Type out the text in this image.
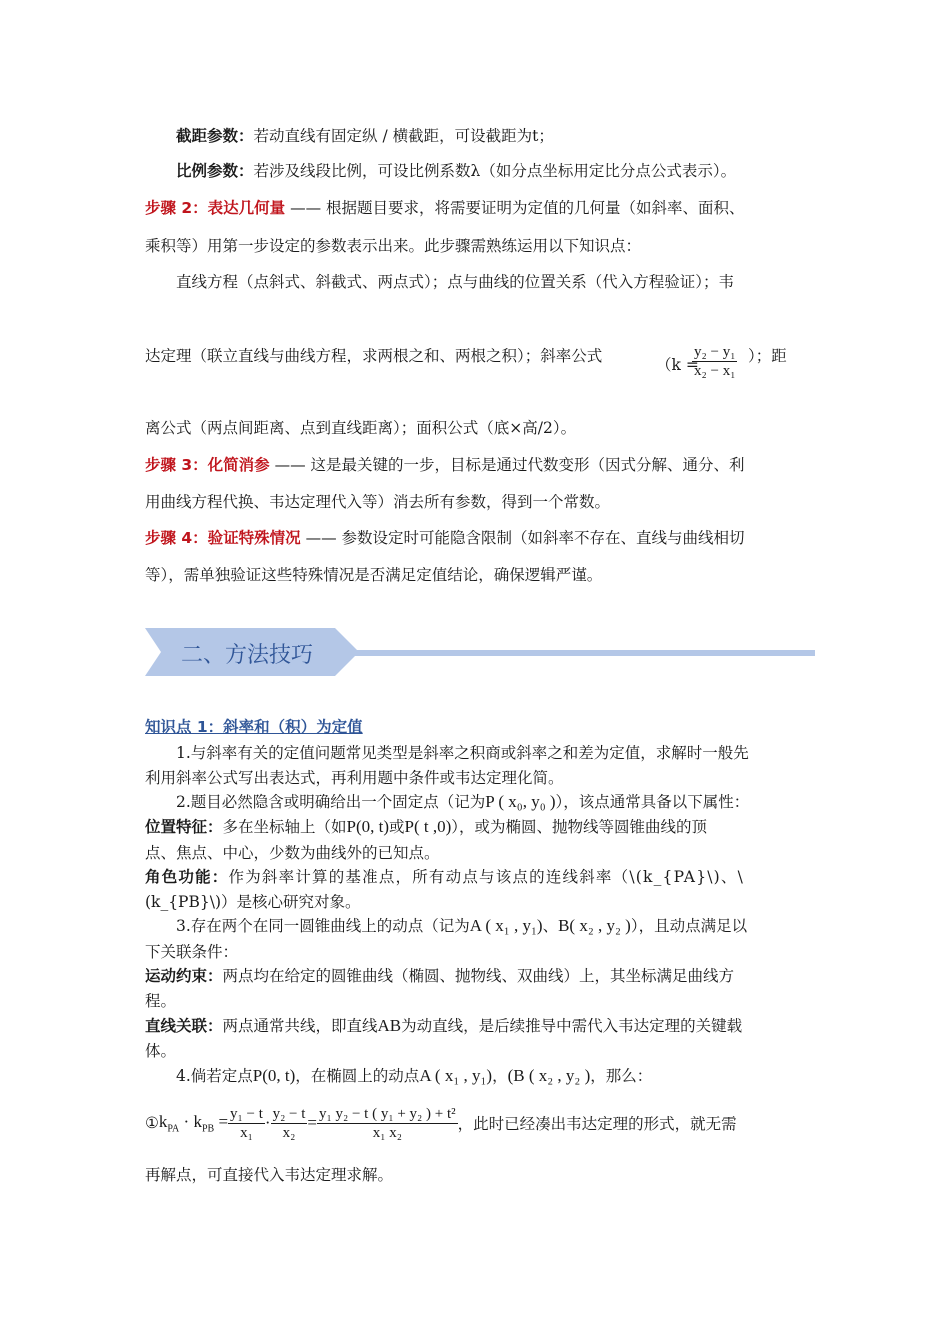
截距参数：若动直线有固定纵 / 横截距，可设截距为t；
比例参数：若涉及线段比例，可设比例系数λ（如分点坐标用定比分点公式表示）。
步骤 2：表达几何量 —— 根据题目要求，将需要证明为定值的几何量（如斜率、面积、
乘积等）用第一步设定的参数表示出来。此步骤需熟练运用以下知识点：
直线方程（点斜式、斜截式、两点式）；点与曲线的位置关系（代入方程验证）；韦
达定理（联立直线与曲线方程，求两根之和、两根之积）；斜率公式	（k =
$\frac{\text{y₂ − y₁}}{\text{x₂ − x₁}}$ ）；距
离公式（两点间距离、点到直线距离）；面积公式（底×高/2）。
步骤 3：化简消参 —— 这是最关键的一步，目标是通过代数变形（因式分解、通分、利
用曲线方程代换、韦达定理代入等）消去所有参数，得到一个常数。
步骤 4：验证特殊情况 —— 参数设定时可能隐含限制（如斜率不存在、直线与曲线相切
等），需单独验证这些特殊情况是否满足定值结论，确保逻辑严谨。
二、方法技巧
知识点 1：斜率和（积）为定值
1.与斜率有关的定值问题常见类型是斜率之积商或斜率之和差为定值，求解时一般先
利用斜率公式写出表达式，再利用题中条件或韦达定理化简。
2.题目必然隐含或明确给出一个固定点（记为P ( x₀, y₀ )），该点通常具备以下属性：
位置特征：多在坐标轴上（如P(0, t)或P( t ,0)），或为椭圆、抛物线等圆锥曲线的顶
点、焦点、中心，少数为曲线外的已知点。
角色功能：作为斜率计算的基准点，所有动点与该点的连线斜率（\(k_{PA}\)、\
(k_{PB}\)）是核心研究对象。
3.存在两个在同一圆锥曲线上的动点（记为A ( x₁ , y₁)、B( x₂ , y₂ )），且动点满足以
下关联条件：
运动约束：两点均在给定的圆锥曲线（椭圆、抛物线、双曲线）上，其坐标满足曲线方
程。
直线关联：两点通常共线，即直线AB为动直线，是后续推导中需代入韦达定理的关键载
体。
4.倘若定点P(0, t)，在椭圆上的动点A ( x₁ , y₁)，(B ( x₂ , y₂ )，那么：
① $k_{PA} \cdot k_{PB} = \frac{\text{y₁ − t}}{\text{x₁}} \cdot \frac{\text{y₂ − t}}{\text{x₂}} = \frac{\text{y₁ y₂ − t ( y₁ + y₂ ) + t²}}{\text{x₁ x₂}}$ ，此时已经凑出韦达定理的形式，就无需
再解点，可直接代入韦达定理求解。
